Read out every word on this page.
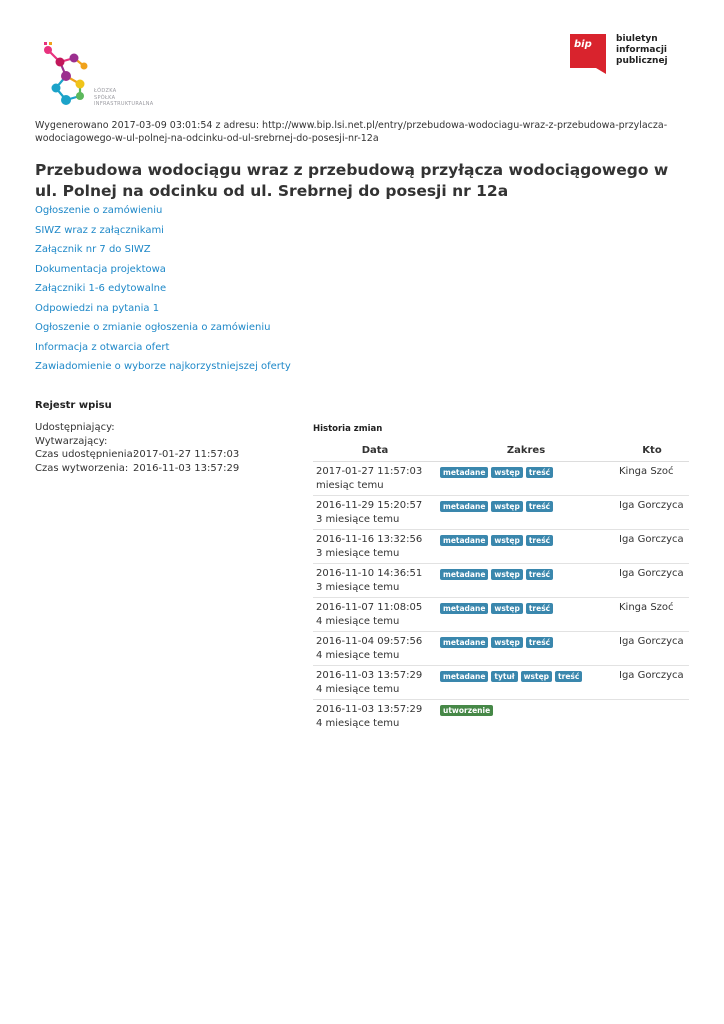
ŁÓDZKA
SPÓŁKA
INFRASTRUKTURALNA
bip	biuletyn
informacji publicznej
Wygenerowano 2017-03-09 03:01:54 z adresu: http://www.bip.lsi.net.pl/entry/przebudowa-wodociagu-wraz-z-przebudowa-przylacza-wodociagowego-w-ul-polnej-na-odcinku-od-ul-srebrnej-do-posesji-nr-12a
Przebudowa wodociągu wraz z przebudową przyłącza wodociągowego w ul. Polnej na odcinku od ul. Srebrnej do posesji nr 12a
Ogłoszenie o zamówieniu
SIWZ wraz z załącznikami
Załącznik nr 7 do SIWZ
Dokumentacja projektowa
Załączniki 1-6 edytowalne
Odpowiedzi na pytania 1
Ogłoszenie o zmianie ogłoszenia o zamówieniu
Informacja z otwarcia ofert
Zawiadomienie o wyborze najkorzystniejszej oferty
Rejestr wpisu
Udostępniający:
Wytwarzający:
Czas udostępnienia:
2017-01-27 11:57:03
Czas wytworzenia: 2016-11-03 13:57:29
Historia zmian
Data	Zakres	Kto

2017-01-27 11:57:03
miesiąc temu	metadane wstęp treść	Kinga Szoć

2016-11-29 15:20:57
3 miesiące temu	metadane wstęp treść	Iga Gorczyca

2016-11-16 13:32:56
3 miesiące temu	metadane wstęp treść	Iga Gorczyca

2016-11-10 14:36:51
3 miesiące temu	metadane wstęp treść	Iga Gorczyca

2016-11-07 11:08:05
4 miesiące temu	metadane wstęp treść	Kinga Szoć

2016-11-04 09:57:56
4 miesiące temu	metadane wstęp treść	Iga Gorczyca

2016-11-03 13:57:29
4 miesiące temu	metadane tytuł wstęp treść	Iga Gorczyca

2016-11-03 13:57:29
4 miesiące temu	utworzenie	
